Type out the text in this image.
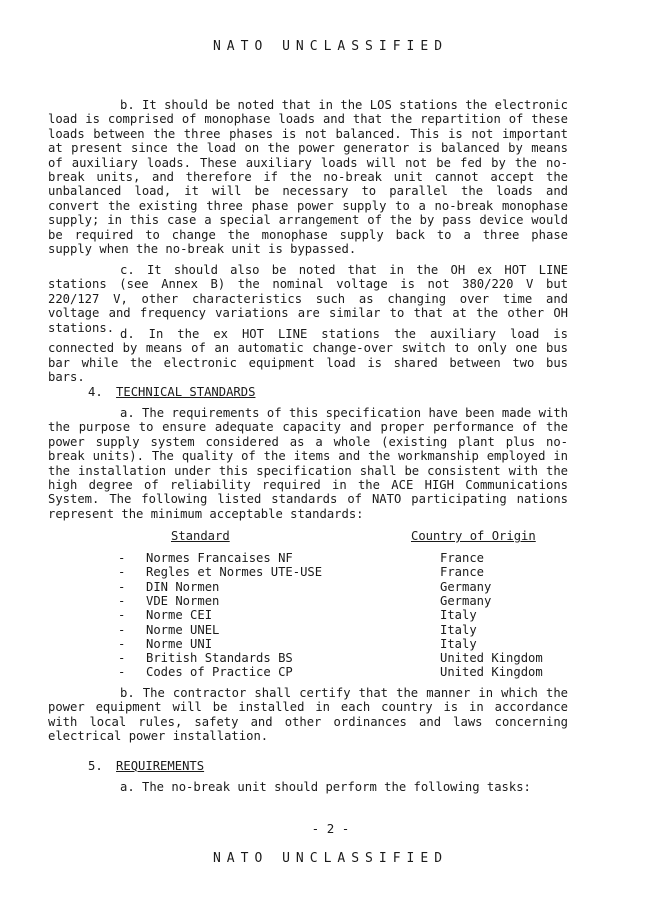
NATO UNCLASSIFIED
b. It should be noted that in the LOS stations the electronic load is comprised of monophase loads and that the repartition of these loads between the three phases is not balanced. This is not important at present since the load on the power generator is balanced by means of auxiliary loads. These auxiliary loads will not be fed by the no-break units, and therefore if the no-break unit cannot accept the unbalanced load, it will be necessary to parallel the loads and convert the existing three phase power supply to a no-break monophase supply; in this case a special arrangement of the by pass device would be required to change the monophase supply back to a three phase supply when the no-break unit is bypassed.
c. It should also be noted that in the OH ex HOT LINE stations (see Annex B) the nominal voltage is not 380/220 V but 220/127 V, other characteristics such as changing over time and voltage and frequency variations are similar to that at the other OH stations. d. In the ex HOT LINE stations the auxiliary load is connected by means of an automatic change-over switch to only one bus bar while the electronic equipment load is shared between two bus bars.
4. TECHNICAL STANDARDS
a. The requirements of this specification have been made with the purpose to ensure adequate capacity and proper performance of the power supply system considered as a whole (existing plant plus no-break units). The quality of the items and the workmanship employed in the installation under this specification shall be consistent with the high degree of reliability required in the ACE HIGH Communications System. The following listed standards of NATO participating nations represent the minimum acceptable standards:
Standard	Country of Origin
- Normes Francaises NF	France
- Regles et Normes UTE-USE	France
- DIN Normen	Germany
- VDE Normen	Germany
- Norme CEI	Italy
- Norme UNEL	Italy
- Norme UNI	Italy
- British Standards BS	United Kingdom
- Codes of Practice CP	United Kingdom
b. The contractor shall certify that the manner in which the power equipment will be installed in each country is in accordance with local rules, safety and other ordinances and laws concerning electrical power installation.
5. REQUIREMENTS
a. The no-break unit should perform the following tasks:
- 2 -
NATO UNCLASSIFIED
